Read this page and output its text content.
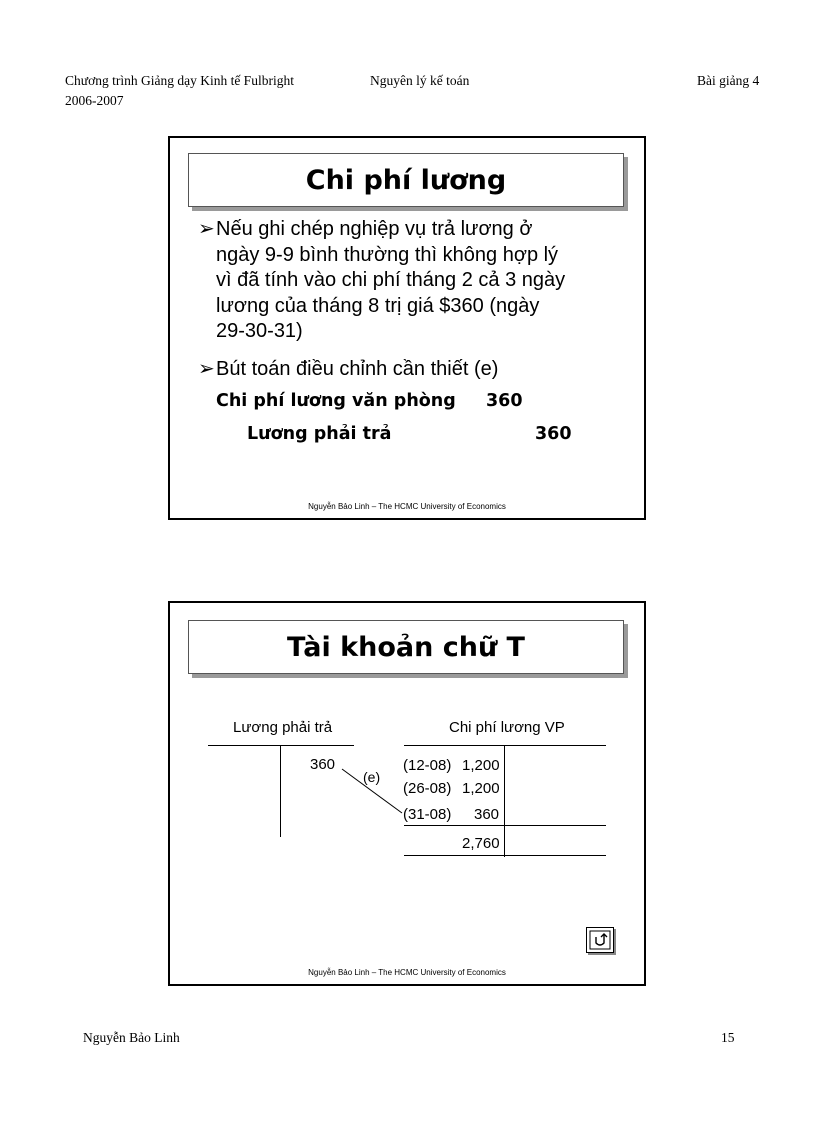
Chương trình Giảng dạy Kinh tế Fulbright
2006-2007
Nguyên lý kế toán	Bài giảng 4
Chi phí lương
➢ Nếu ghi chép nghiệp vụ trả lương ở
ngày 9-9 bình thường thì không hợp lý
vì đã tính vào chi phí tháng 2 cả 3 ngày
lương của tháng 8 trị giá $360 (ngày
29-30-31)
➢ Bút toán điều chỉnh cần thiết (e)
Chi phí lương văn phòng 360
Lương phải trả	360
Nguyễn Bảo Linh – The HCMC University of Economics
Tài khoản chữ T
Lương phải trả
360
(e)
Chi phí lương VP
(12-08) 1,200
(26-08) 1,200
(31-08) 360
2,760
Nguyễn Bảo Linh – The HCMC University of Economics
Nguyễn Bảo Linh	15
